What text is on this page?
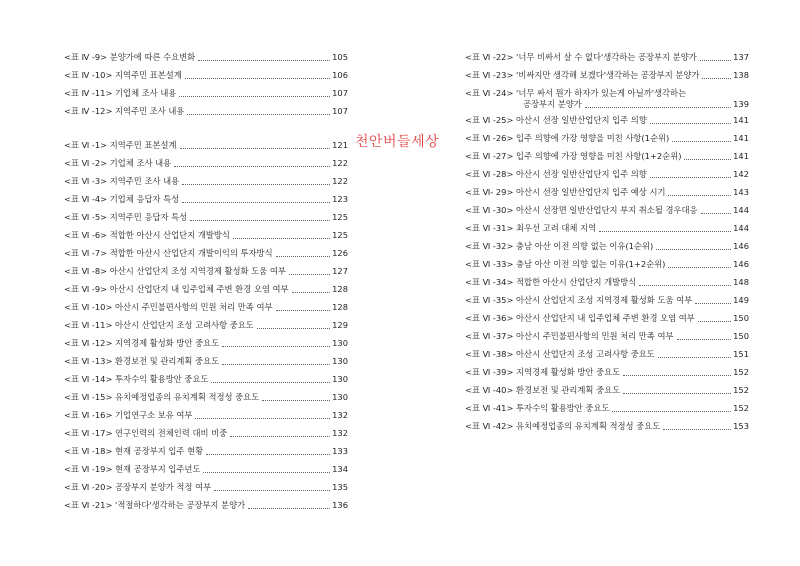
<표 Ⅳ -9> 분양가에 따른 수요변화	105
<표 Ⅳ -10> 지역주민 표본설계	106
<표 Ⅳ -11> 기업체 조사 내용	107
<표 Ⅳ -12> 지역주민 조사 내용	107
<표 Ⅵ -1> 지역주민 표본설계	121
<표 Ⅵ -2> 기업체 조사 내용	122
<표 Ⅵ -3> 지역주민 조사 내용	122
<표 Ⅵ -4> 기업체 응답자 특성	123
<표 Ⅵ -5> 지역주민 응답자 특성	125
<표 Ⅵ -6> 적합한 아산시 산업단지 개발방식	125
<표 Ⅵ -7> 적합한 아산시 산업단지 개발이익의 투자방식	126
<표 Ⅵ -8> 아산시 산업단지 조성 지역경제 활성화 도움 여부	127
<표 Ⅵ -9> 아산시 산업단지 내 입주업체 주변 환경 오염 여부	128
<표 Ⅵ -10> 아산시 주민불편사항의 민원 처리 만족 여부	128
<표 Ⅵ -11> 아산시 산업단지 조성 고려사항 중요도	129
<표 Ⅵ -12> 지역경제 활성화 방안 중요도	130
<표 Ⅵ -13> 환경보전 및 관리계획 중요도	130
<표 Ⅵ -14> 투자수익 활용방안 중요도	130
<표 Ⅵ -15> 유치예정업종의 유치계획 적정성 중요도	130
<표 Ⅵ -16> 기업연구소 보유 여부	132
<표 Ⅵ -17> 연구인력의 전체인력 대비 비중	132
<표 Ⅵ -18> 현재 공장부지 입주 현황	133
<표 Ⅵ -19> 현재 공장부지 입주년도	134
<표 Ⅵ -20> 공장부지 분양가 적정 여부	135
<표 Ⅵ -21> '적절하다'생각하는 공장부지 분양가	136
<표 Ⅵ -22> '너무 비싸서 살 수 없다'생각하는 공장부지 분양가	137
<표 Ⅵ -23> '비싸지만 생각해 보겠다'생각하는 공장부지 분양가	138
<표 Ⅵ -24> '너무 싸서 뭔가 하자가 있는게 아닐까'생각하는
공장부지 분양가	139
<표 Ⅵ -25> 아산시 선장 일반산업단지 입주 의향	141
<표 Ⅵ -26> 입주 의향에 가장 영향을 미친 사항(1순위)	141
<표 Ⅵ -27> 입주 의향에 가장 영향을 미친 사항(1+2순위)	141
<표 Ⅵ -28> 아산시 선장 일반산업단지 입주 의향	142
<표 Ⅵ- 29> 아산시 선장 일반산업단지 입주 예상 시기	143
<표 Ⅵ -30> 아산시 선장면 일반산업단지 부지 취소될 경우대응	144
<표 Ⅵ -31> 최우선 고려 대체 지역	144
<표 Ⅵ -32> 충남 아산 이전 의향 없는 이유(1순위)	146
<표 Ⅵ -33> 충남 아산 이전 의향 없는 이유(1+2순위)	146
<표 Ⅵ -34> 적합한 아산시 산업단지 개발방식	148
<표 Ⅵ -35> 아산시 산업단지 조성 지역경제 활성화 도움 여부	149
<표 Ⅵ -36> 아산시 산업단지 내 입주업체 주변 환경 오염 여부	150
<표 Ⅵ -37> 아산시 주민불편사항의 민원 처리 만족 여부	150
<표 Ⅵ -38> 아산시 산업단지 조성 고려사항 중요도	151
<표 Ⅵ -39> 지역경제 활성화 방안 중요도	152
<표 Ⅵ -40> 환경보전 및 관리계획 중요도	152
<표 Ⅵ -41> 투자수익 활용방안 중요도	152
<표 Ⅵ -42> 유치예정업종의 유치계획 적정성 중요도	153
천안버들세상
